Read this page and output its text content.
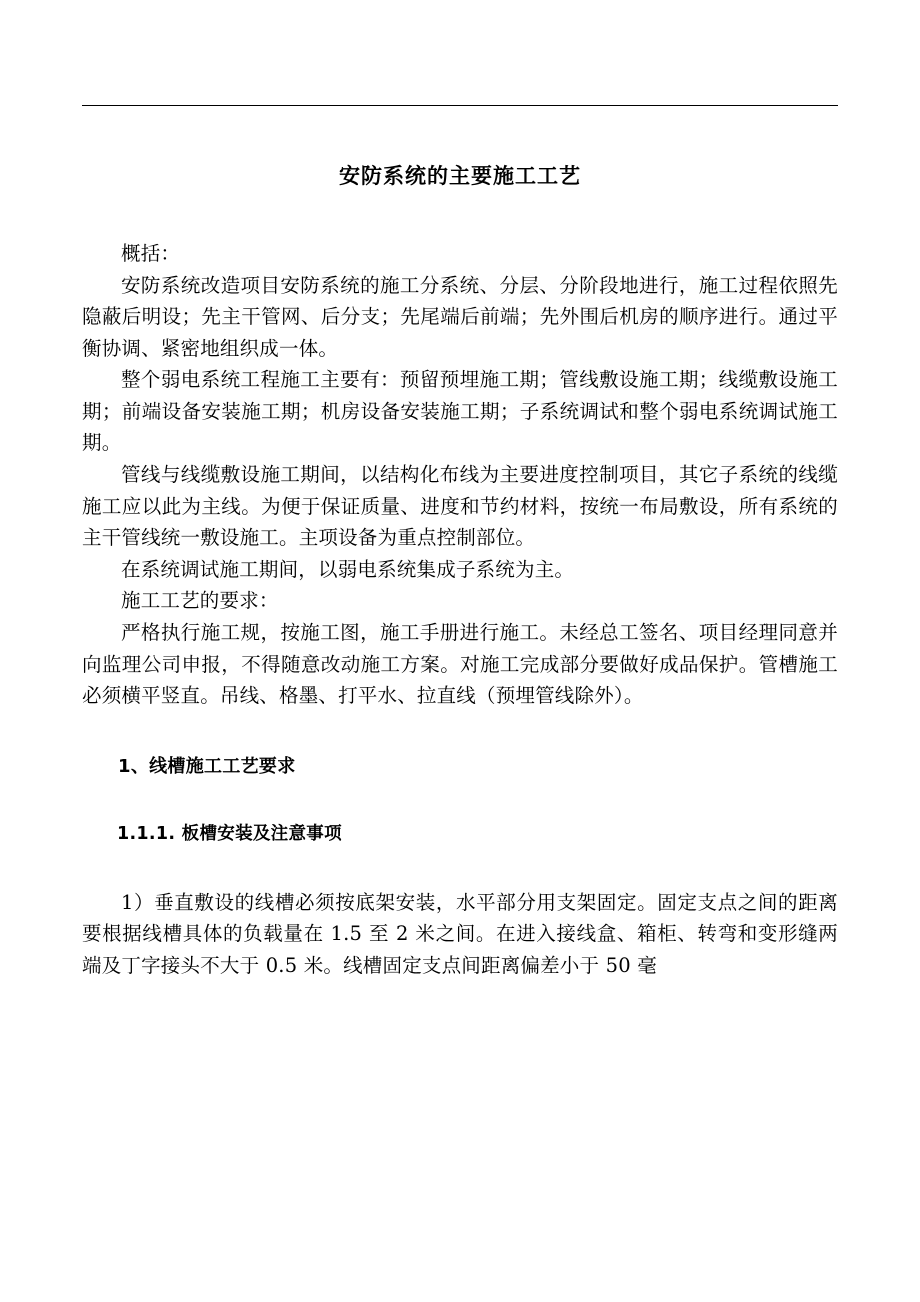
安防系统的主要施工工艺

概括：

安防系统改造项目安防系统的施工分系统、分层、分阶段地进行，施工过程依照先隐蔽后明设；先主干管网、后分支；先尾端后前端；先外围后机房的顺序进行。通过平衡协调、紧密地组织成一体。

整个弱电系统工程施工主要有：预留预埋施工期；管线敷设施工期；线缆敷设施工期；前端设备安装施工期；机房设备安装施工期；子系统调试和整个弱电系统调试施工期。

管线与线缆敷设施工期间，以结构化布线为主要进度控制项目，其它子系统的线缆施工应以此为主线。为便于保证质量、进度和节约材料，按统一布局敷设，所有系统的主干管线统一敷设施工。主项设备为重点控制部位。

在系统调试施工期间，以弱电系统集成子系统为主。

施工工艺的要求：

严格执行施工规，按施工图，施工手册进行施工。未经总工签名、项目经理同意并向监理公司申报，不得随意改动施工方案。对施工完成部分要做好成品保护。管槽施工必须横平竖直。吊线、格墨、打平水、拉直线（预埋管线除外）。

1、线槽施工工艺要求
1.1.1. 板槽安装及注意事项

1）垂直敷设的线槽必须按底架安装，水平部分用支架固定。固定支点之间的距离要根据线槽具体的负载量在 1.5 至 2 米之间。在进入接线盒、箱柜、转弯和变形缝两端及丁字接头不大于 0.5 米。线槽固定支点间距离偏差小于 50 毫
